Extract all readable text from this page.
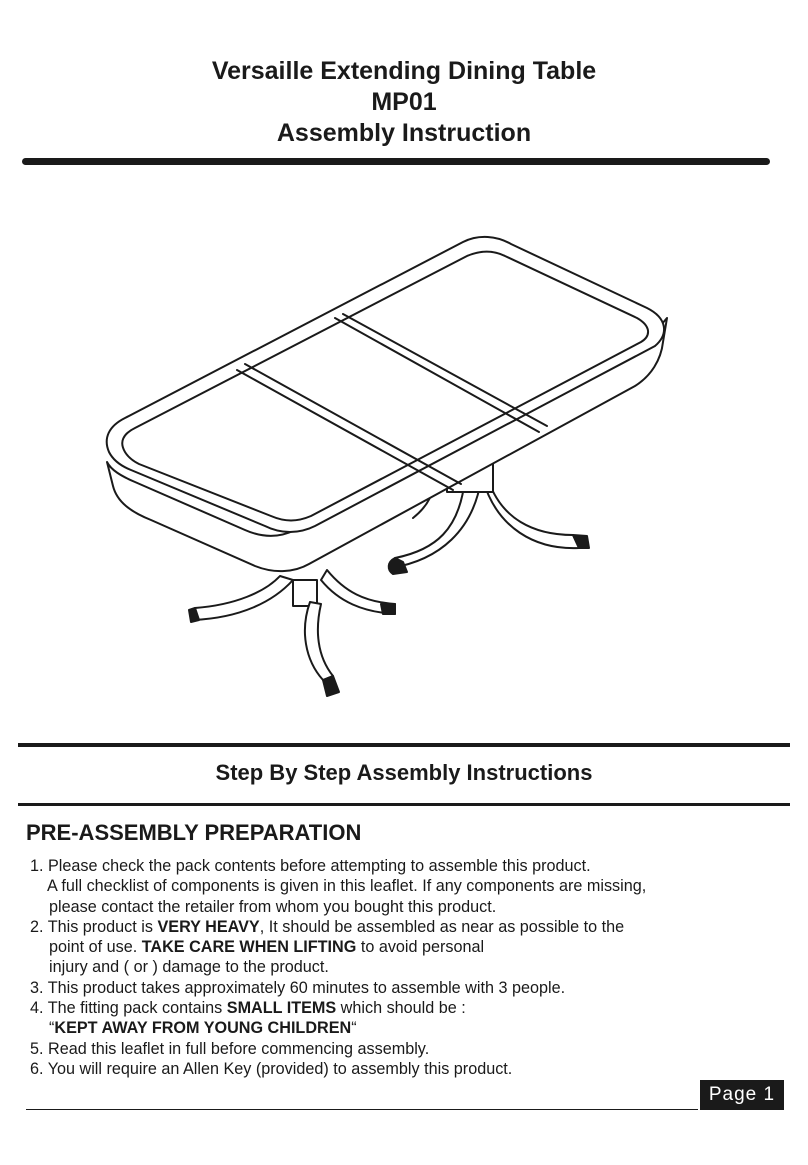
Versaille Extending Dining Table
MP01
Assembly Instruction
Step By Step Assembly Instructions
PRE-ASSEMBLY PREPARATION
1. Please check the pack contents before attempting to assemble this product.
A full checklist of components is given in this leaflet. If any components are missing,
please contact the retailer from whom you bought this product.
2. This product is VERY HEAVY, It should be assembled as near as possible to the
point of use. TAKE CARE WHEN LIFTING to avoid personal
injury and ( or ) damage to the product.
3. This product takes approximately 60 minutes to assemble with 3 people.
4. The fitting pack contains SMALL ITEMS which should be :
“KEPT AWAY FROM YOUNG CHILDREN“
5. Read this leaflet in full before commencing assembly.
6. You will require an Allen Key (provided) to assembly this product.
Page 1
